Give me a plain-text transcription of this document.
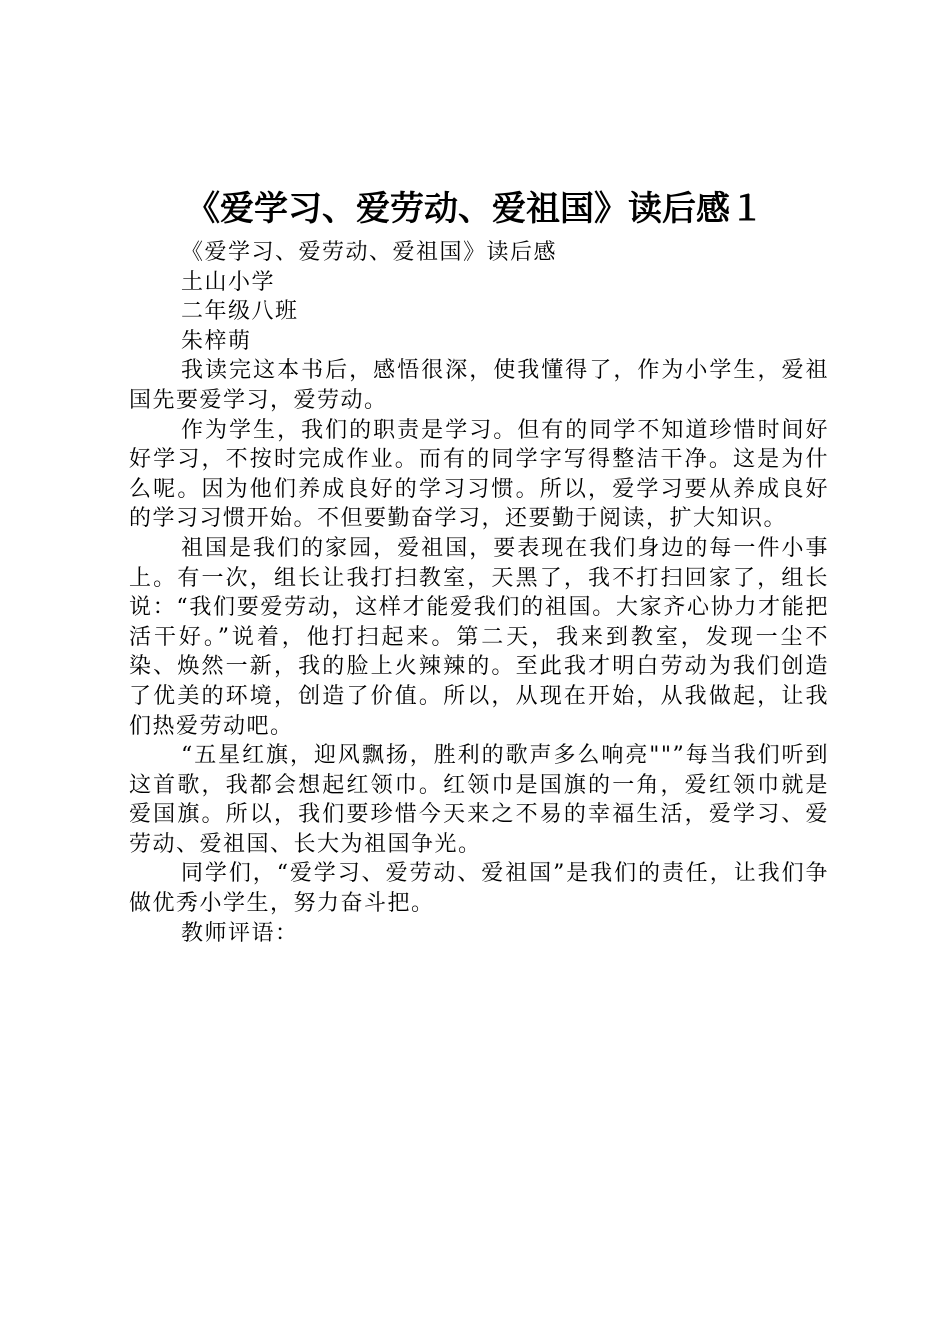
《爱学习、爱劳动、爱祖国》读后感１

《爱学习、爱劳动、爱祖国》读后感

土山小学

二年级八班

朱梓萌

我读完这本书后，感悟很深，使我懂得了，作为小学生，爱祖国先要爱学习，爱劳动。

作为学生，我们的职责是学习。但有的同学不知道珍惜时间好好学习，不按时完成作业。而有的同学字写得整洁干净。这是为什么呢。因为他们养成良好的学习习惯。所以，爱学习要从养成良好的学习习惯开始。不但要勤奋学习，还要勤于阅读，扩大知识。

祖国是我们的家园，爱祖国，要表现在我们身边的每一件小事上。有一次，组长让我打扫教室，天黑了，我不打扫回家了，组长说：“我们要爱劳动，这样才能爱我们的祖国。大家齐心协力才能把活干好。”说着，他打扫起来。第二天，我来到教室，发现一尘不染、焕然一新，我的脸上火辣辣的。至此我才明白劳动为我们创造了优美的环境，创造了价值。所以，从现在开始，从我做起，让我们热爱劳动吧。

“五星红旗，迎风飘扬，胜利的歌声多么响亮""”每当我们听到这首歌，我都会想起红领巾。红领巾是国旗的一角，爱红领巾就是爱国旗。所以，我们要珍惜今天来之不易的幸福生活，爱学习、爱劳动、爱祖国、长大为祖国争光。

同学们，“爱学习、爱劳动、爱祖国”是我们的责任，让我们争做优秀小学生，努力奋斗把。

教师评语：
